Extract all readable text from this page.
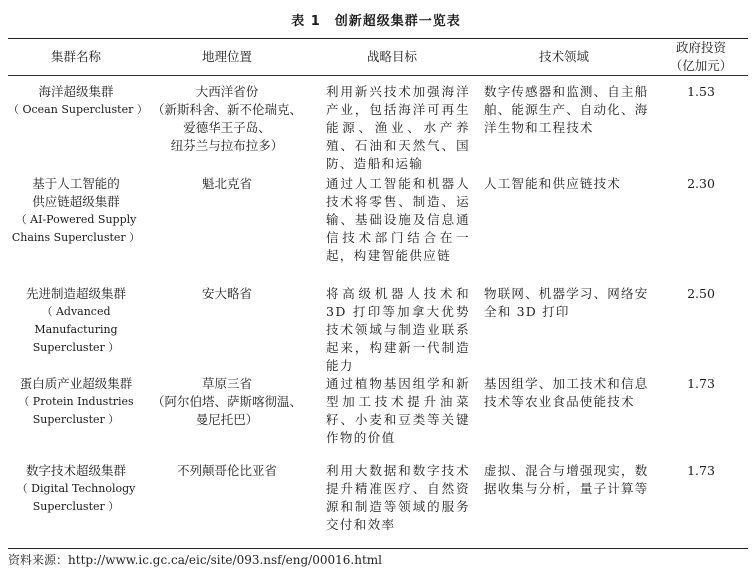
表 1 创新超级集群一览表
集群名称	地理位置	战略目标	技术领域	政府投资
（亿加元）

海洋超级集群
（ Ocean Supercluster ）	大西洋省份
（新斯科舍、新不伦瑞克、
爱德华王子岛、
纽芬兰与拉布拉多）	利用新兴技术加强海洋产业，包括海洋可再生能源、渔业、水产养殖、石油和天然气、国防、造船和运输	数字传感器和监测、自主船舶、能源生产、自动化、海洋生物和工程技术	1.53

基于人工智能的
供应链超级集群
（ AI-Powered Supply
Chains Supercluster ）	魁北克省	通过人工智能和机器人技术将零售、制造、运输、基础设施及信息通信技术部门结合在一起，构建智能供应链	人工智能和供应链技术	2.30

先进制造超级集群
（ Advanced Manufacturing
Supercluster ）	安大略省	将高级机器人技术和 3D 打印等加拿大优势技术领域与制造业联系起来，构建新一代制造能力	物联网、机器学习、网络安全和 3D 打印	2.50

蛋白质产业超级集群
（ Protein Industries
Supercluster ）	草原三省
（阿尔伯塔、萨斯喀彻温、
曼尼托巴）	通过植物基因组学和新型加工技术提升油菜籽、小麦和豆类等关键作物的价值	基因组学、加工技术和信息技术等农业食品使能技术	1.73

数字技术超级集群
（ Digital Technology
Supercluster ）	不列颠哥伦比亚省	利用大数据和数字技术提升精准医疗、自然资源和制造等领域的服务交付和效率	虚拟、混合与增强现实，数据收集与分析，量子计算等	1.73
资料来源：http://www.ic.gc.ca/eic/site/093.nsf/eng/00016.html
